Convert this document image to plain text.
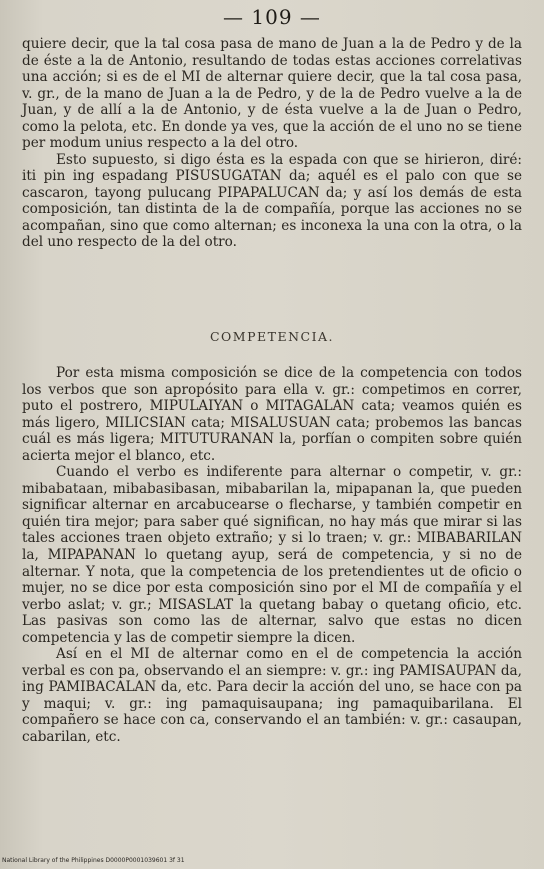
— 109 —

quiere decir, que la tal cosa pasa de mano de Juan a la de Pedro y de la de éste a la de Antonio, resultando de todas estas acciones correlativas una acción; si es de el MI de alternar quiere decir, que la tal cosa pasa, v. gr., de la mano de Juan a la de Pedro, y de la de Pedro vuelve a la de Juan, y de allí a la de Antonio, y de ésta vuelve a la de Juan o Pedro, como la pelota, etc. En donde ya ves, que la acción de el uno no se tiene per modum unius respecto a la del otro.

Esto supuesto, si digo ésta es la espada con que se hirieron, diré: iti pin ing espadang PISUSUGATAN da; aquél es el palo con que se cascaron, tayong pulucang PIPAPALUCAN da; y así los demás de esta composición, tan distinta de la de compañía, porque las acciones no se acompañan, sino que como alternan; es inconexa la una con la otra, o la del uno respecto de la del otro.

COMPETENCIA.

Por esta misma composición se dice de la competencia con todos los verbos que son apropósito para ella v. gr.: competimos en correr, puto el postrero, MIPULAIYAN o MITAGALAN cata; veamos quién es más ligero, MILICSIAN cata; MISALUSUAN cata; probemos las bancas cuál es más ligera; MITUTURANAN la, porfían o compiten sobre quién acierta mejor el blanco, etc.

Cuando el verbo es indiferente para alternar o competir, v. gr.: mibabataan, mibabasibasan, mibabarilan la, mipapanan la, que pueden significar alternar en arcabucearse o flecharse, y también competir en quién tira mejor; para saber qué significan, no hay más que mirar si las tales acciones traen objeto extraño; y si lo traen; v. gr.: MIBABARILAN la, MIPAPANAN lo quetang ayup, será de competencia, y si no de alternar. Y nota, que la competencia de los pretendientes ut de oficio o mujer, no se dice por esta composición sino por el MI de compañía y el verbo aslat; v. gr.; MISASLAT la quetang babay o quetang oficio, etc. Las pasivas son como las de alternar, salvo que estas no dicen competencia y las de competir siempre la dicen.

Así en el MI de alternar como en el de competencia la acción verbal es con pa, observando el an siempre: v. gr.: ing PAMISAUPAN da, ing PAMIBACALAN da, etc. Para decir la acción del uno, se hace con pa y maqui; v. gr.: ing pamaquisaupana; ing pamaquibarilana. El compañero se hace con ca, conservando el an también: v. gr.: casaupan, cabarilan, etc.

National Library of the Philippines D0000P0001039601 3f 31
